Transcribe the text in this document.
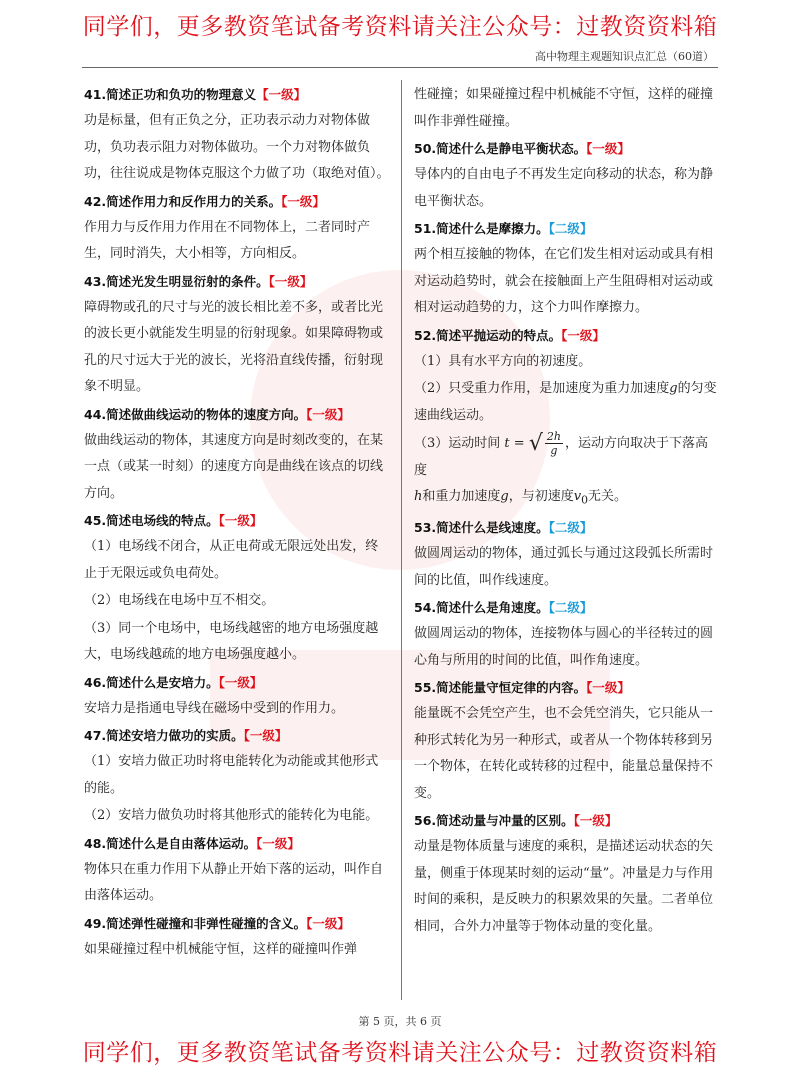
同学们，更多教资笔试备考资料请关注公众号：过教资资料箱
高中物理主观题知识点汇总（60道）
41.简述正功和负功的物理意义【一级】
功是标量，但有正负之分，正功表示动力对物体做功，负功表示阻力对物体做功。一个力对物体做负功，往往说成是物体克服这个力做了功（取绝对值）。
42.简述作用力和反作用力的关系。【一级】
作用力与反作用力作用在不同物体上，二者同时产生，同时消失，大小相等，方向相反。
43.简述光发生明显衍射的条件。【一级】
障碍物或孔的尺寸与光的波长相比差不多，或者比光的波长更小就能发生明显的衍射现象。如果障碍物或孔的尺寸远大于光的波长，光将沿直线传播，衍射现象不明显。
44.简述做曲线运动的物体的速度方向。【一级】
做曲线运动的物体，其速度方向是时刻改变的，在某一点（或某一时刻）的速度方向是曲线在该点的切线方向。
45.简述电场线的特点。【一级】
（1）电场线不闭合，从正电荷或无限远处出发，终止于无限远或负电荷处。
（2）电场线在电场中互不相交。
（3）同一个电场中，电场线越密的地方电场强度越大，电场线越疏的地方电场强度越小。
46.简述什么是安培力。【一级】
安培力是指通电导线在磁场中受到的作用力。
47.简述安培力做功的实质。【一级】
（1）安培力做正功时将电能转化为动能或其他形式的能。
（2）安培力做负功时将其他形式的能转化为电能。
48.简述什么是自由落体运动。【一级】
物体只在重力作用下从静止开始下落的运动，叫作自由落体运动。
49.简述弹性碰撞和非弹性碰撞的含义。【一级】
如果碰撞过程中机械能守恒，这样的碰撞叫作弹
性碰撞；如果碰撞过程中机械能不守恒，这样的碰撞叫作非弹性碰撞。
50.简述什么是静电平衡状态。【一级】
导体内的自由电子不再发生定向移动的状态，称为静电平衡状态。
51.简述什么是摩擦力。【二级】
两个相互接触的物体，在它们发生相对运动或具有相对运动趋势时，就会在接触面上产生阻碍相对运动或相对运动趋势的力，这个力叫作摩擦力。
52.简述平抛运动的特点。【一级】
（1）具有水平方向的初速度。
（2）只受重力作用，是加速度为重力加速度g的匀变速曲线运动。
（3）运动时间 t = √ $\frac{2h}{g}$ ，运动方向取决于下落高度
h和重力加速度g，与初速度$v_0$无关。
53.简述什么是线速度。【二级】
做圆周运动的物体，通过弧长与通过这段弧长所需时间的比值，叫作线速度。
54.简述什么是角速度。【二级】
做圆周运动的物体，连接物体与圆心的半径转过的圆心角与所用的时间的比值，叫作角速度。
55.简述能量守恒定律的内容。【一级】
能量既不会凭空产生，也不会凭空消失，它只能从一种形式转化为另一种形式，或者从一个物体转移到另一个物体，在转化或转移的过程中，能量总量保持不变。
56.简述动量与冲量的区别。【一级】
动量是物体质量与速度的乘积，是描述运动状态的矢量，侧重于体现某时刻的运动“量”。冲量是力与作用时间的乘积，是反映力的积累效果的矢量。二者单位相同，合外力冲量等于物体动量的变化量。
第 5 页，共 6 页
同学们，更多教资笔试备考资料请关注公众号：过教资资料箱
